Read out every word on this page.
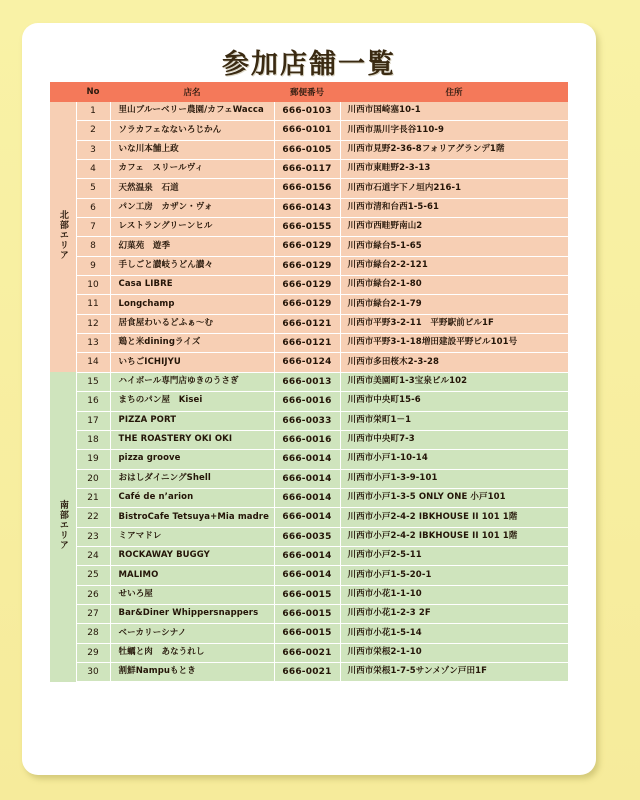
参加店舗一覧
	No	店名	郵便番号	住所
北部エリア	1	里山ブルーベリー農園/カフェWacca	666-0103	川西市国崎塞10-1
	2	ソラカフェなないろじかん	666-0101	川西市黒川字長谷110-9
	3	いな川本舗上政	666-0105	川西市見野2-36-8フォリアグランデ1階
	4	カフェ　スリールヴィ	666-0117	川西市東畦野2-3-13
	5	天然温泉　石道	666-0156	川西市石道字下ノ垣内216-1
	6	パン工房　カザン・ヴォ	666-0143	川西市清和台西1-5-61
	7	レストラングリーンヒル	666-0155	川西市西畦野南山2
	8	幻菓苑　遊季	666-0129	川西市緑台5-1-65
	9	手しごと讃岐うどん讃々	666-0129	川西市緑台2-2-121
	10	Casa LIBRE	666-0129	川西市緑台2-1-80
	11	Longchamp	666-0129	川西市緑台2-1-79
	12	居食屋わいるどふぁ〜む	666-0121	川西市平野3-2-11　平野駅前ビル1F
	13	鶏と米diningライズ	666-0121	川西市平野3-1-18増田建設平野ビル101号
	14	いちごICHIJYU	666-0124	川西市多田桜木2-3-28
南部エリア	15	ハイボール専門店ゆきのうさぎ	666-0013	川西市美園町1-3宝泉ビル102
	16	まちのパン屋　Kisei	666-0016	川西市中央町15-6
	17	PIZZA PORT	666-0033	川西市栄町1－1
	18	THE ROASTERY OKI OKI	666-0016	川西市中央町7-3
	19	pizza groove	666-0014	川西市小戸1-10-14
	20	おはしダイニングShell	666-0014	川西市小戸1-3-9-101
	21	Café de n’arion	666-0014	川西市小戸1-3-5 ONLY ONE 小戸101
	22	BistroCafe Tetsuya+Mia madre	666-0014	川西市小戸2-4-2 IBKHOUSE II 101 1階
	23	ミアマドレ	666-0035	川西市小戸2-4-2 IBKHOUSE II 101 1階
	24	ROCKAWAY BUGGY	666-0014	川西市小戸2-5-11
	25	MALIMO	666-0014	川西市小戸1-5-20-1
	26	せいろ屋	666-0015	川西市小花1-1-10
	27	Bar&Diner Whippersnappers	666-0015	川西市小花1-2-3 2F
	28	ベーカリーシナノ	666-0015	川西市小花1-5-14
	29	牡蠣と肉　あなうれし	666-0021	川西市栄根2-1-10
	30	割鮮Nampuもとき	666-0021	川西市栄根1-7-5サンメゾン戸田1F
